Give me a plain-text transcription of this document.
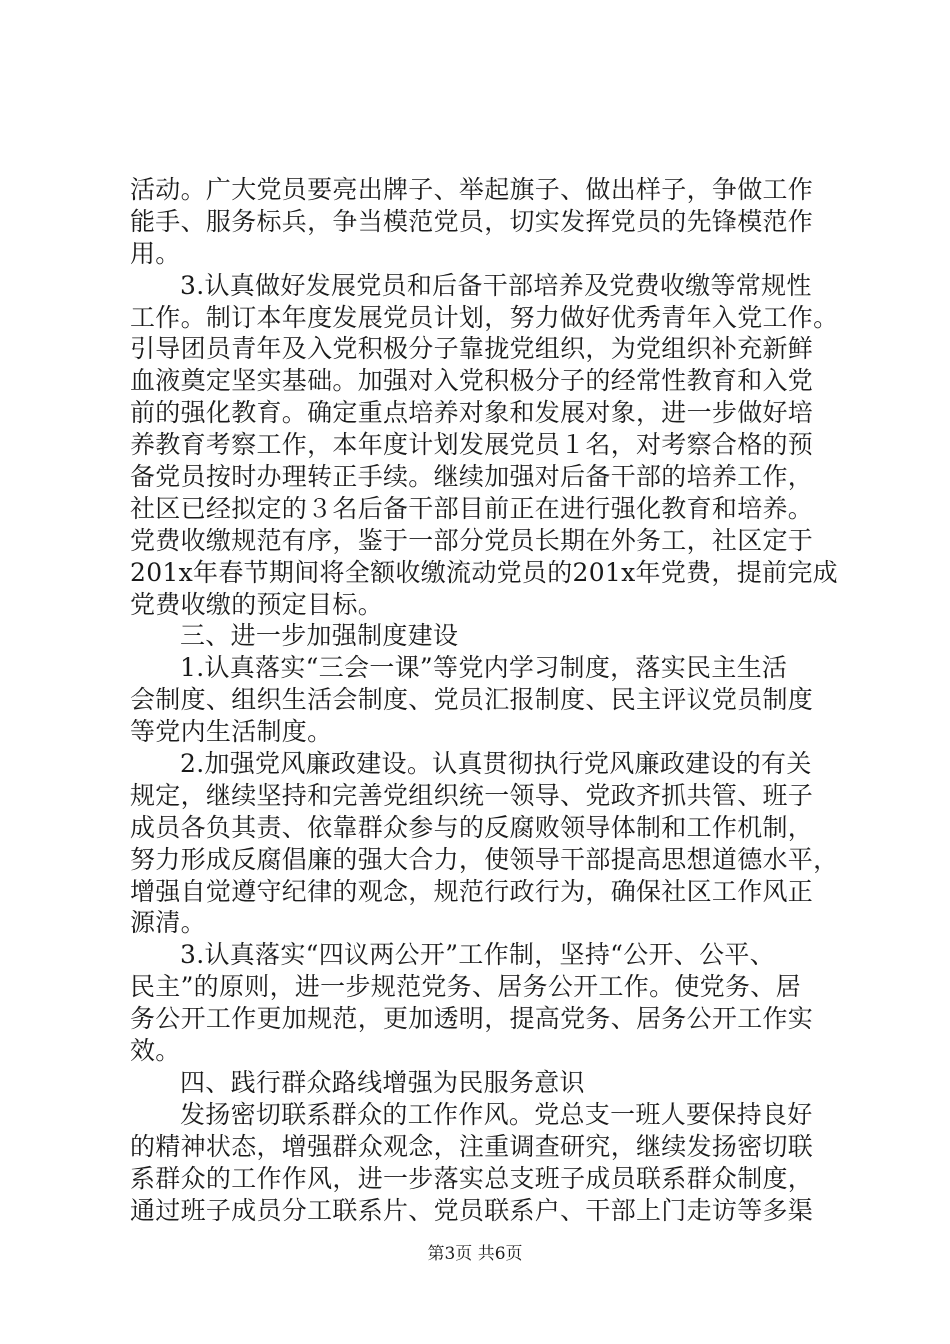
活动。广大党员要亮出牌子、举起旗子、做出样子，争做工作
能手、服务标兵，争当模范党员，切实发挥党员的先锋模范作
用。
3.认真做好发展党员和后备干部培养及党费收缴等常规性
工作。制订本年度发展党员计划，努力做好优秀青年入党工作。
引导团员青年及入党积极分子靠拢党组织，为党组织补充新鲜
血液奠定坚实基础。加强对入党积极分子的经常性教育和入党
前的强化教育。确定重点培养对象和发展对象，进一步做好培
养教育考察工作，本年度计划发展党员１名，对考察合格的预
备党员按时办理转正手续。继续加强对后备干部的培养工作，
社区已经拟定的３名后备干部目前正在进行强化教育和培养。
党费收缴规范有序，鉴于一部分党员长期在外务工，社区定于
201x年春节期间将全额收缴流动党员的201x年党费，提前完成
党费收缴的预定目标。
三、进一步加强制度建设
1.认真落实“三会一课”等党内学习制度，落实民主生活
会制度、组织生活会制度、党员汇报制度、民主评议党员制度
等党内生活制度。
2.加强党风廉政建设。认真贯彻执行党风廉政建设的有关
规定，继续坚持和完善党组织统一领导、党政齐抓共管、班子
成员各负其责、依靠群众参与的反腐败领导体制和工作机制，
努力形成反腐倡廉的强大合力，使领导干部提高思想道德水平，
增强自觉遵守纪律的观念，规范行政行为，确保社区工作风正
源清。
3.认真落实“四议两公开”工作制，坚持“公开、公平、
民主”的原则，进一步规范党务、居务公开工作。使党务、居
务公开工作更加规范，更加透明，提高党务、居务公开工作实
效。
四、践行群众路线增强为民服务意识
发扬密切联系群众的工作作风。党总支一班人要保持良好
的精神状态，增强群众观念，注重调查研究，继续发扬密切联
系群众的工作作风，进一步落实总支班子成员联系群众制度，
通过班子成员分工联系片、党员联系户、干部上门走访等多渠
第3页 共6页
